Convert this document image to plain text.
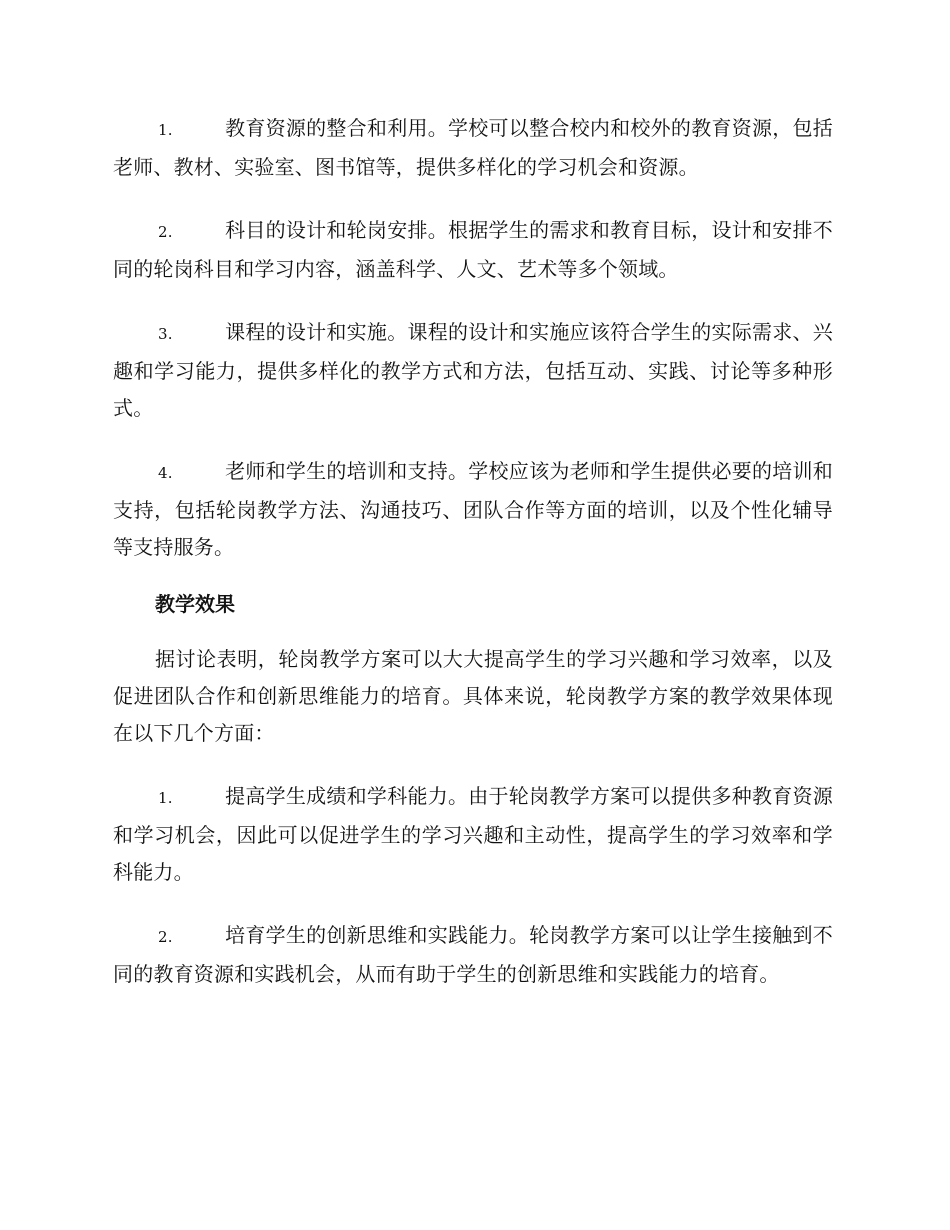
1.	教育资源的整合和利用。学校可以整合校内和校外的教育资源，包括老师、教材、实验室、图书馆等，提供多样化的学习机会和资源。
2.	科目的设计和轮岗安排。根据学生的需求和教育目标，设计和安排不同的轮岗科目和学习内容，涵盖科学、人文、艺术等多个领域。
3.	课程的设计和实施。课程的设计和实施应该符合学生的实际需求、兴趣和学习能力，提供多样化的教学方式和方法，包括互动、实践、讨论等多种形式。
4.	老师和学生的培训和支持。学校应该为老师和学生提供必要的培训和支持，包括轮岗教学方法、沟通技巧、团队合作等方面的培训，以及个性化辅导等支持服务。
教学效果
据讨论表明，轮岗教学方案可以大大提高学生的学习兴趣和学习效率，以及促进团队合作和创新思维能力的培育。具体来说，轮岗教学方案的教学效果体现在以下几个方面：
1.	提高学生成绩和学科能力。由于轮岗教学方案可以提供多种教育资源和学习机会，因此可以促进学生的学习兴趣和主动性，提高学生的学习效率和学科能力。
2.	培育学生的创新思维和实践能力。轮岗教学方案可以让学生接触到不同的教育资源和实践机会，从而有助于学生的创新思维和实践能力的培育。
